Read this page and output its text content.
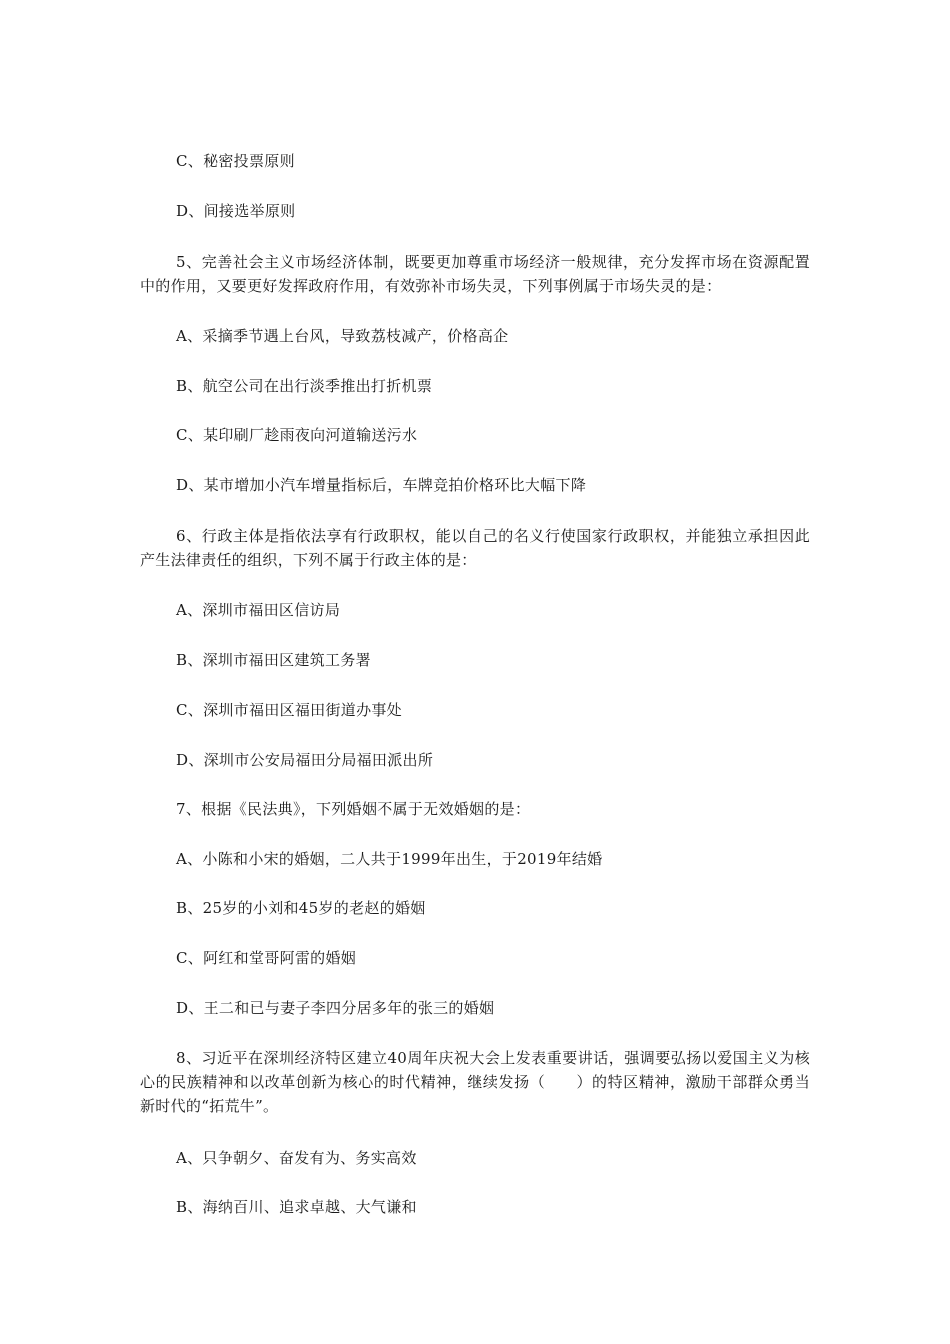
C、秘密投票原则
D、间接选举原则
5、完善社会主义市场经济体制，既要更加尊重市场经济一般规律，充分发挥市场在资源配置中的作用，又要更好发挥政府作用，有效弥补市场失灵，下列事例属于市场失灵的是：
A、采摘季节遇上台风，导致荔枝减产，价格高企
B、航空公司在出行淡季推出打折机票
C、某印刷厂趁雨夜向河道输送污水
D、某市增加小汽车增量指标后，车牌竞拍价格环比大幅下降
6、行政主体是指依法享有行政职权，能以自己的名义行使国家行政职权，并能独立承担因此产生法律责任的组织，下列不属于行政主体的是：
A、深圳市福田区信访局
B、深圳市福田区建筑工务署
C、深圳市福田区福田街道办事处
D、深圳市公安局福田分局福田派出所
7、根据《民法典》，下列婚姻不属于无效婚姻的是：
A、小陈和小宋的婚姻，二人共于1999年出生，于2019年结婚
B、25岁的小刘和45岁的老赵的婚姻
C、阿红和堂哥阿雷的婚姻
D、王二和已与妻子李四分居多年的张三的婚姻
8、习近平在深圳经济特区建立40周年庆祝大会上发表重要讲话，强调要弘扬以爱国主义为核心的民族精神和以改革创新为核心的时代精神，继续发扬（　　）的特区精神，激励干部群众勇当新时代的“拓荒牛”。
A、只争朝夕、奋发有为、务实高效
B、海纳百川、追求卓越、大气谦和
